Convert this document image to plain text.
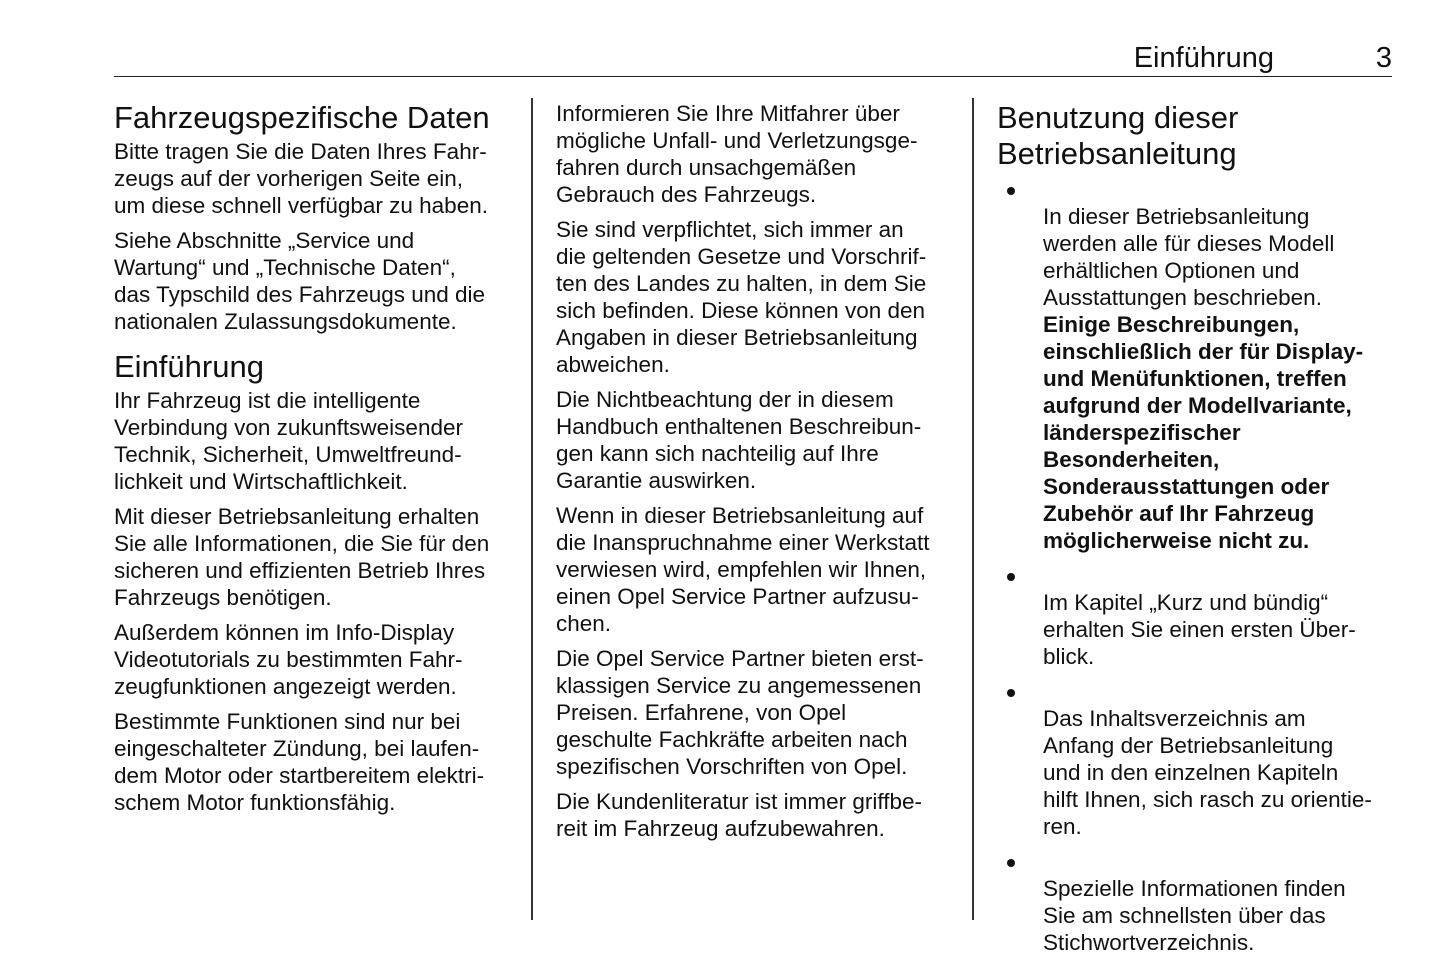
Einführung	3
Fahrzeugspezifische Daten

Bitte tragen Sie die Daten Ihres Fahr-
zeugs auf der vorherigen Seite ein,
um diese schnell verfügbar zu haben.

Siehe Abschnitte „Service und
Wartung“ und „Technische Daten“,
das Typschild des Fahrzeugs und die
nationalen Zulassungsdokumente.

Einführung

Ihr Fahrzeug ist die intelligente
Verbindung von zukunftsweisender
Technik, Sicherheit, Umweltfreund-
lichkeit und Wirtschaftlichkeit.

Mit dieser Betriebsanleitung erhalten
Sie alle Informationen, die Sie für den
sicheren und effizienten Betrieb Ihres
Fahrzeugs benötigen.

Außerdem können im Info-Display
Videotutorials zu bestimmten Fahr-
zeugfunktionen angezeigt werden.

Bestimmte Funktionen sind nur bei
eingeschalteter Zündung, bei laufen-
dem Motor oder startbereitem elektri-
schem Motor funktionsfähig.

Informieren Sie Ihre Mitfahrer über
mögliche Unfall- und Verletzungsge-
fahren durch unsachgemäßen
Gebrauch des Fahrzeugs.

Sie sind verpflichtet, sich immer an
die geltenden Gesetze und Vorschrif-
ten des Landes zu halten, in dem Sie
sich befinden. Diese können von den
Angaben in dieser Betriebsanleitung
abweichen.

Die Nichtbeachtung der in diesem
Handbuch enthaltenen Beschreibun-
gen kann sich nachteilig auf Ihre
Garantie auswirken.

Wenn in dieser Betriebsanleitung auf
die Inanspruchnahme einer Werkstatt
verwiesen wird, empfehlen wir Ihnen,
einen Opel Service Partner aufzusu-
chen.

Die Opel Service Partner bieten erst-
klassigen Service zu angemessenen
Preisen. Erfahrene, von Opel
geschulte Fachkräfte arbeiten nach
spezifischen Vorschriften von Opel.

Die Kundenliteratur ist immer griffbe-
reit im Fahrzeug aufzubewahren.

Benutzung dieser
Betriebsanleitung

In dieser Betriebsanleitung
werden alle für dieses Modell
erhältlichen Optionen und
Ausstattungen beschrieben.
Einige Beschreibungen,
einschließlich der für Display-
und Menüfunktionen, treffen
aufgrund der Modellvariante,
länderspezifischer
Besonderheiten,
Sonderausstattungen oder
Zubehör auf Ihr Fahrzeug
möglicherweise nicht zu.

Im Kapitel „Kurz und bündig“
erhalten Sie einen ersten Über-
blick.

Das Inhaltsverzeichnis am
Anfang der Betriebsanleitung
und in den einzelnen Kapiteln
hilft Ihnen, sich rasch zu orientie-
ren.

Spezielle Informationen finden
Sie am schnellsten über das
Stichwortverzeichnis.
